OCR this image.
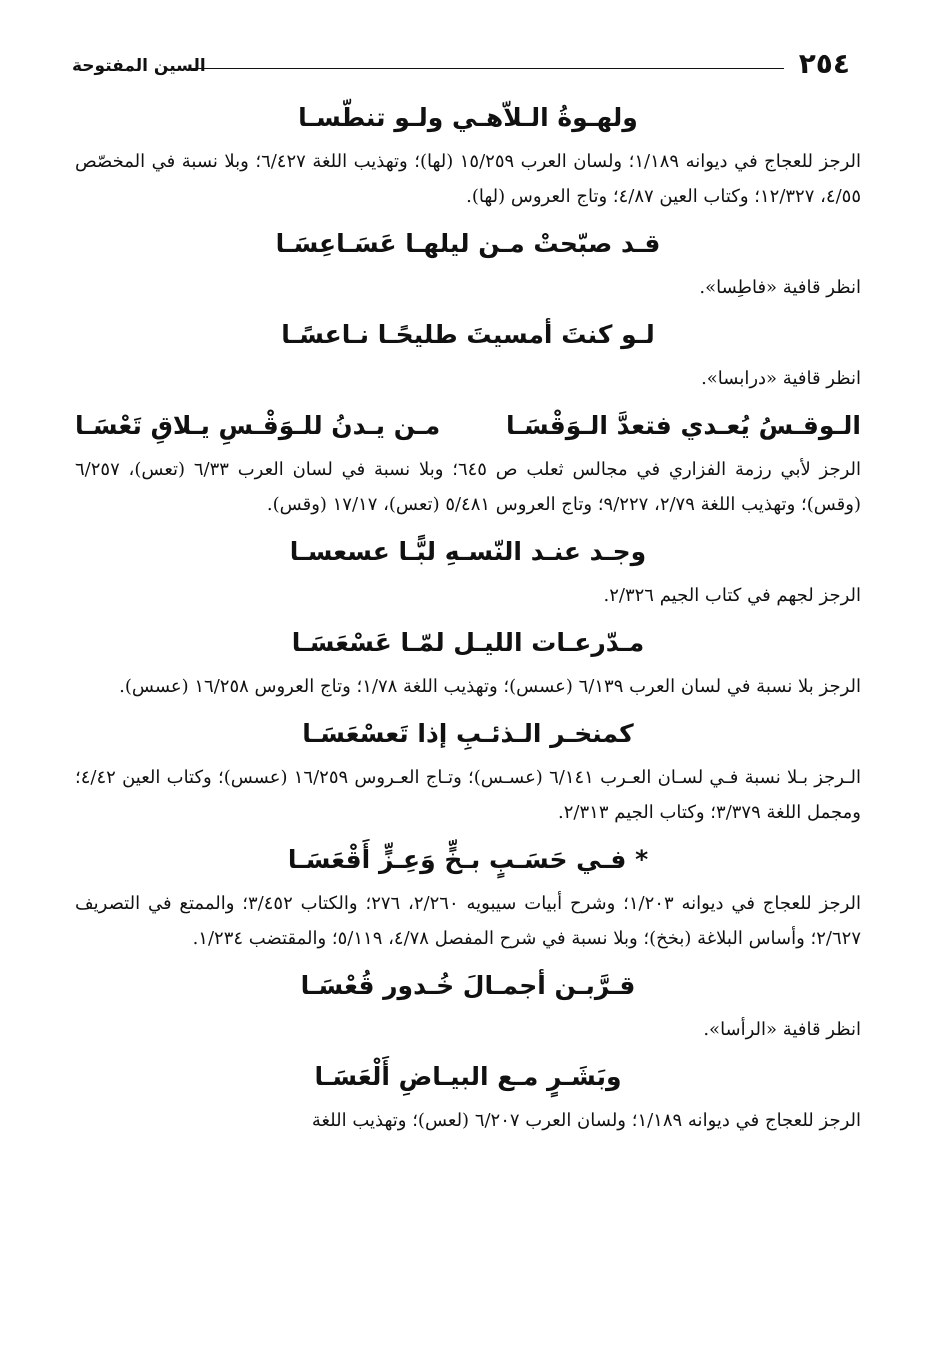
٢٥٤
السين المفتوحة
ولهـوةُ الـلاّهـي ولـو تنطّسـا

الرجز للعجاج في ديوانه ١/١٨٩؛ ولسان العرب ١٥/٢٥٩ (لها)؛ وتهذيب اللغة ٦/٤٢٧؛ وبلا نسبة في المخصّص ٤/٥٥، ١٢/٣٢٧؛ وكتاب العين ٤/٨٧؛ وتاج العروس (لها).

قـد صبّحتْ مـن ليلهـا عَسَـاعِسَـا

انظر قافية «فاطِسا».

لـو كنتَ أمسيتَ طليحًـا نـاعسًـا

انظر قافية «درابسا».

الـوقـسُ يُعـدي فتعدَّ الـوَقْسَـا
مـن يـدنُ للـوَقْـسِ يـلاقِ تَعْسَـا

الرجز لأبي رزمة الفزاري في مجالس ثعلب ص ٦٤٥؛ وبلا نسبة في لسان العرب ٦/٣٣ (تعس)، ٦/٢٥٧ (وقس)؛ وتهذيب اللغة ٢/٧٩، ٩/٢٢٧؛ وتاج العروس ٥/٤٨١ (تعس)، ١٧/١٧ (وقس).

وجـد عنـد النّسـهِ لبًّـا عسعسـا

الرجز لجهم في كتاب الجيم ٢/٣٢٦.

مـدّرعـات الليـل لمّـا عَسْعَسَـا

الرجز بلا نسبة في لسان العرب ٦/١٣٩ (عسس)؛ وتهذيب اللغة ١/٧٨؛ وتاج العروس ١٦/٢٥٨ (عسس).

كمنخـر الـذئـبِ إذا تَعسْعَسَـا

الـرجز بـلا نسبة فـي لسـان العـرب ٦/١٤١ (عسـس)؛ وتـاج العـروس ١٦/٢٥٩ (عسس)؛ وكتاب العين ٤/٤٢؛ ومجمل اللغة ٣/٣٧٩؛ وكتاب الجيم ٢/٣١٣.

* فـي حَسَـبٍ بـخٍّ وَعِـزٍّ أَقْعَسَـا

الرجز للعجاج في ديوانه ١/٢٠٣؛ وشرح أبيات سيبويه ٢/٢٦٠، ٢٧٦؛ والكتاب ٣/٤٥٢؛ والممتع في التصريف ٢/٦٢٧؛ وأساس البلاغة (بخخ)؛ وبلا نسبة في شرح المفصل ٤/٧٨، ٥/١١٩؛ والمقتضب ١/٢٣٤.

قـرَّبـن أجمـالَ خُـدور قُعْسَـا

انظر قافية «الرأسا».

وبَشَـرٍ مـع البيـاضِ أَلْعَسَـا

الرجز للعجاج في ديوانه ١/١٨٩؛ ولسان العرب ٦/٢٠٧ (لعس)؛ وتهذيب اللغة
